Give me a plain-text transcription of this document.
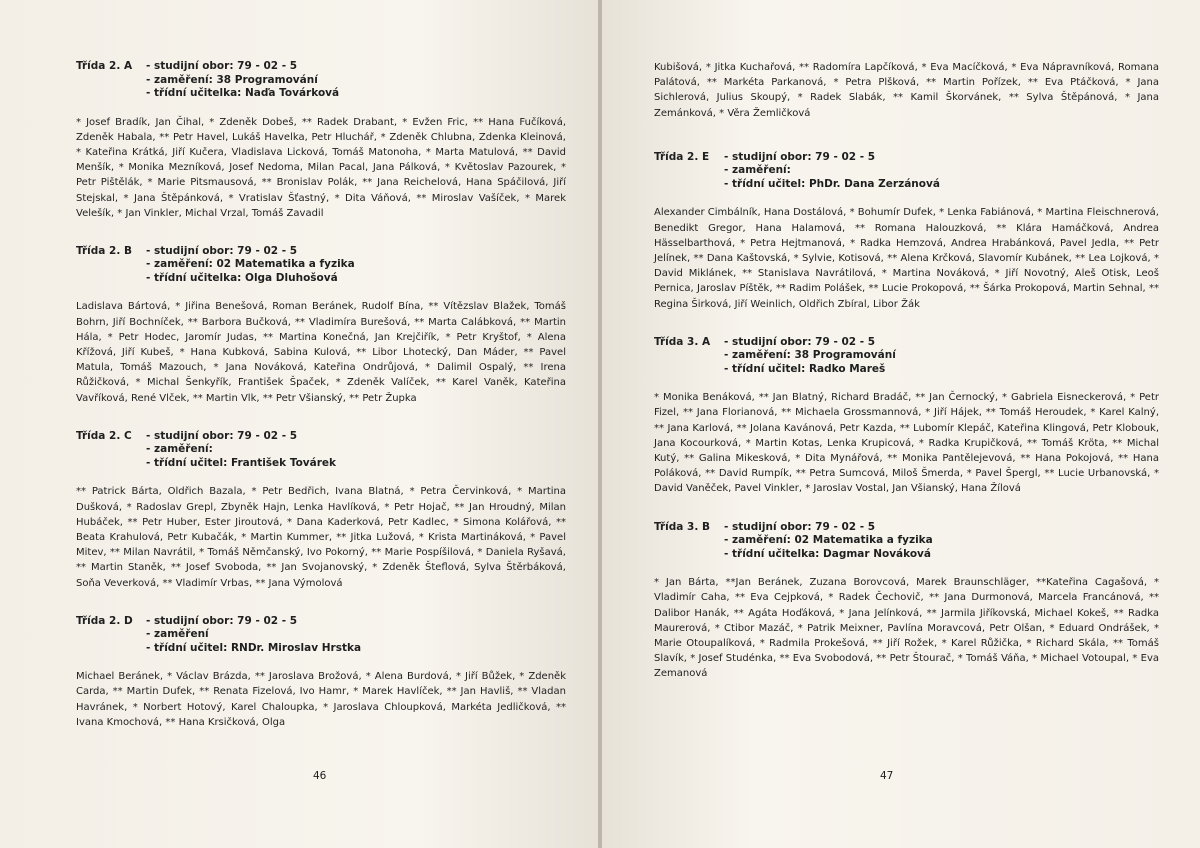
Třída 2. A	- studijní obor: 79 - 02 - 5
- zaměření: 38 Programování
- třídní učitelka: Naďa Továrková

* Josef Bradík, Jan Čihal, * Zdeněk Dobeš, ** Radek Drabant, * Evžen Fric, ** Hana Fučíková, Zdeněk Habala, ** Petr Havel, Lukáš Havelka, Petr Hluchář, * Zdeněk Chlubna, Zdenka Kleinová, * Kateřina Krátká, Jiří Kučera, Vladislava Licková, Tomáš Matonoha, * Marta Matulová, ** David Menšík, * Monika Mezníková, Josef Nedoma, Milan Pacal, Jana Pálková, * Květoslav Pazourek, * Petr Pištělák, * Marie Pitsmausová, ** Bronislav Polák, ** Jana Reichelová, Hana Spáčilová, Jiří Stejskal, * Jana Štěpánková, * Vratislav Šťastný, * Dita Váňová, ** Miroslav Vašíček, * Marek Velešík, * Jan Vinkler, Michal Vrzal, Tomáš Zavadil

Třída 2. B	- studijní obor: 79 - 02 - 5
- zaměření: 02 Matematika a fyzika
- třídní učitelka: Olga Dluhošová

Ladislava Bártová, * Jiřina Benešová, Roman Beránek, Rudolf Bína, ** Vítězslav Blažek, Tomáš Bohrn, Jiří Bochníček, ** Barbora Bučková, ** Vladimíra Burešová, ** Marta Calábková, ** Martin Hála, * Petr Hodec, Jaromír Judas, ** Martina Konečná, Jan Krejčiřík, * Petr Kryštof, * Alena Křížová, Jiří Kubeš, * Hana Kubková, Sabina Kulová, ** Libor Lhotecký, Dan Máder, ** Pavel Matula, Tomáš Mazouch, * Jana Nováková, Kateřina Ondrůjová, * Dalimil Ospalý, ** Irena Růžičková, * Michal Šenkyřík, František Špaček, * Zdeněk Valíček, ** Karel Vaněk, Kateřina Vavříková, René Vlček, ** Martin Vlk, ** Petr Všianský, ** Petr Župka

Třída 2. C	- studijní obor: 79 - 02 - 5
- zaměření:
- třídní učitel: František Továrek

** Patrick Bárta, Oldřich Bazala, * Petr Bedřich, Ivana Blatná, * Petra Červinková, * Martina Dušková, * Radoslav Grepl, Zbyněk Hajn, Lenka Havlíková, * Petr Hojač, ** Jan Hroudný, Milan Hubáček, ** Petr Huber, Ester Jiroutová, * Dana Kaderková, Petr Kadlec, * Simona Kolářová, ** Beata Krahulová, Petr Kubačák, * Martin Kummer, ** Jitka Lužová, * Krista Martináková, * Pavel Mitev, ** Milan Navrátil, * Tomáš Němčanský, Ivo Pokorný, ** Marie Pospíšilová, * Daniela Ryšavá, ** Martin Staněk, ** Josef Svoboda, ** Jan Svojanovský, * Zdeněk Šteflová, Sylva Štěrbáková, Soňa Veverková, ** Vladimír Vrbas, ** Jana Výmolová

Třída 2. D	- studijní obor: 79 - 02 - 5
- zaměření
- třídní učitel: RNDr. Miroslav Hrstka

Michael Beránek, * Václav Brázda, ** Jaroslava Brožová, * Alena Burdová, * Jiří Bůžek, * Zdeněk Carda, ** Martin Dufek, ** Renata Fizelová, Ivo Hamr, * Marek Havlíček, ** Jan Havliš, ** Vladan Havránek, * Norbert Hotový, Karel Chaloupka, * Jaroslava Chloupková, Markéta Jedličková, ** Ivana Kmochová, ** Hana Krsičková, Olga

46

Kubišová, * Jitka Kuchařová, ** Radomíra Lapčíková, * Eva Macíčková, * Eva Nápravníková, Romana Palátová, ** Markéta Parkanová, * Petra Plšková, ** Martin Pořízek, ** Eva Ptáčková, * Jana Sichlerová, Julius Skoupý, * Radek Slabák, ** Kamil Škorvánek, ** Sylva Štěpánová, * Jana Zemánková, * Věra Žemličková

Třída 2. E	- studijní obor: 79 - 02 - 5
- zaměření:
- třídní učitel: PhDr. Dana Zerzánová

Alexander Cimbálník, Hana Dostálová, * Bohumír Dufek, * Lenka Fabiánová, * Martina Fleischnerová, Benedikt Gregor, Hana Halamová, ** Romana Halouzková, ** Klára Hamáčková, Andrea Hässelbarthová, * Petra Hejtmanová, * Radka Hemzová, Andrea Hrabánková, Pavel Jedla, ** Petr Jelínek, ** Dana Kaštovská, * Sylvie, Kotisová, ** Alena Krčková, Slavomír Kubánek, ** Lea Lojková, * David Miklánek, ** Stanislava Navrátilová, * Martina Nováková, * Jiří Novotný, Aleš Otisk, Leoš Pernica, Jaroslav Píštěk, ** Radim Polášek, ** Lucie Prokopová, ** Šárka Prokopová, Martin Sehnal, ** Regina Širková, Jiří Weinlich, Oldřich Zbíral, Libor Žák

Třída 3. A	- studijní obor: 79 - 02 - 5
- zaměření: 38 Programování
- třídní učitel: Radko Mareš

* Monika Benáková, ** Jan Blatný, Richard Bradáč, ** Jan Černocký, * Gabriela Eisneckerová, * Petr Fizel, ** Jana Florianová, ** Michaela Grossmannová, * Jiří Hájek, ** Tomáš Heroudek, * Karel Kalný, ** Jana Karlová, ** Jolana Kavánová, Petr Kazda, ** Lubomír Klepáč, Kateřina Klingová, Petr Klobouk, Jana Kocourková, * Martin Kotas, Lenka Krupicová, * Radka Krupičková, ** Tomáš Kröta, ** Michal Kutý, ** Galina Mikesková, * Dita Mynářová, ** Monika Pantělejevová, ** Hana Pokojová, ** Hana Poláková, ** David Rumpík, ** Petra Sumcová, Miloš Šmerda, * Pavel Špergl, ** Lucie Urbanovská, * David Vaněček, Pavel Vinkler, * Jaroslav Vostal, Jan Všianský, Hana Žílová

Třída 3. B	- studijní obor: 79 - 02 - 5
- zaměření: 02 Matematika a fyzika
- třídní učitelka: Dagmar Nováková

* Jan Bárta, **Jan Beránek, Zuzana Borovcová, Marek Braunschläger, **Kateřina Cagašová, * Vladimír Caha, ** Eva Cejpková, * Radek Čechovič, ** Jana Durmonová, Marcela Francánová, ** Dalibor Hanák, ** Agáta Hoďáková, * Jana Jelínková, ** Jarmila Jiříkovská, Michael Kokeš, ** Radka Maurerová, * Ctibor Mazáč, * Patrik Meixner, Pavlína Moravcová, Petr Olšan, * Eduard Ondrášek, * Marie Otoupalíková, * Radmila Prokešová, ** Jiří Rožek, * Karel Růžička, * Richard Skála, ** Tomáš Slavík, * Josef Studénka, ** Eva Svobodová, ** Petr Štourač, * Tomáš Váňa, * Michael Votoupal, * Eva Zemanová

47
